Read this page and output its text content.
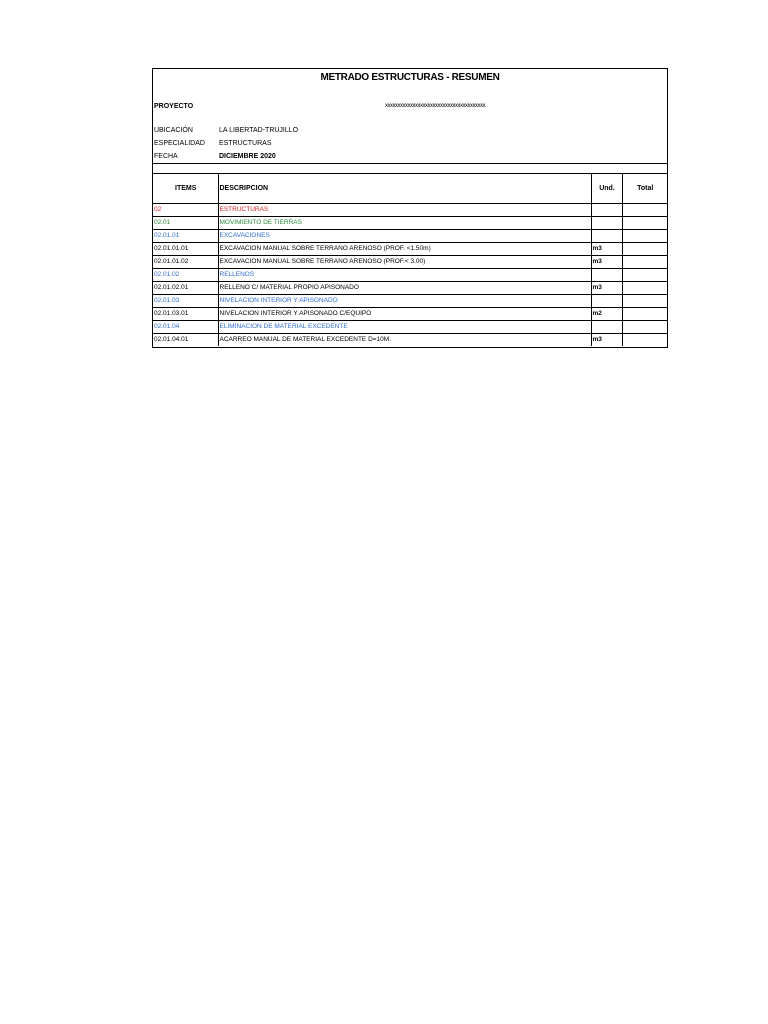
METRADO ESTRUCTURAS - RESUMEN
PROYECTO	xxxxxxxxxxxxxxxxxxxxxxxxxxxxxxxxxxxxxxxx
UBICACIÓN	LA LIBERTAD-TRUJILLO
ESPECIALIDAD ESTRUCTURAS
FECHA	DICIEMBRE 2020
ITEMS	DESCRIPCION	Und.	Total
02	ESTRUCTURAS		
02.01	MOVIMIENTO DE TIERRAS		
02.01.01	EXCAVACIONES		
02.01.01.01	EXCAVACION MANUAL SOBRE TERRANO ARENOSO (PROF. <1.50m)	m3	
02.01.01.02	EXCAVACION MANUAL SOBRE TERRANO ARENOSO (PROF.< 3.00)	m3	
02.01.02	RELLENOS		
02.01.02.01	RELLENO C/ MATERIAL PROPIO APISONADO	m3	
02.01.03	NIVELACION INTERIOR Y APISONADO		
02.01.03.01	NIVELACION INTERIOR Y APISONADO C/EQUIPO	m2	
02.01.04	ELIMINACION DE MATERIAL EXCEDENTE		
02.01.04.01	ACARREO MANUAL DE MATERIAL EXCEDENTE D=10M.	m3	
